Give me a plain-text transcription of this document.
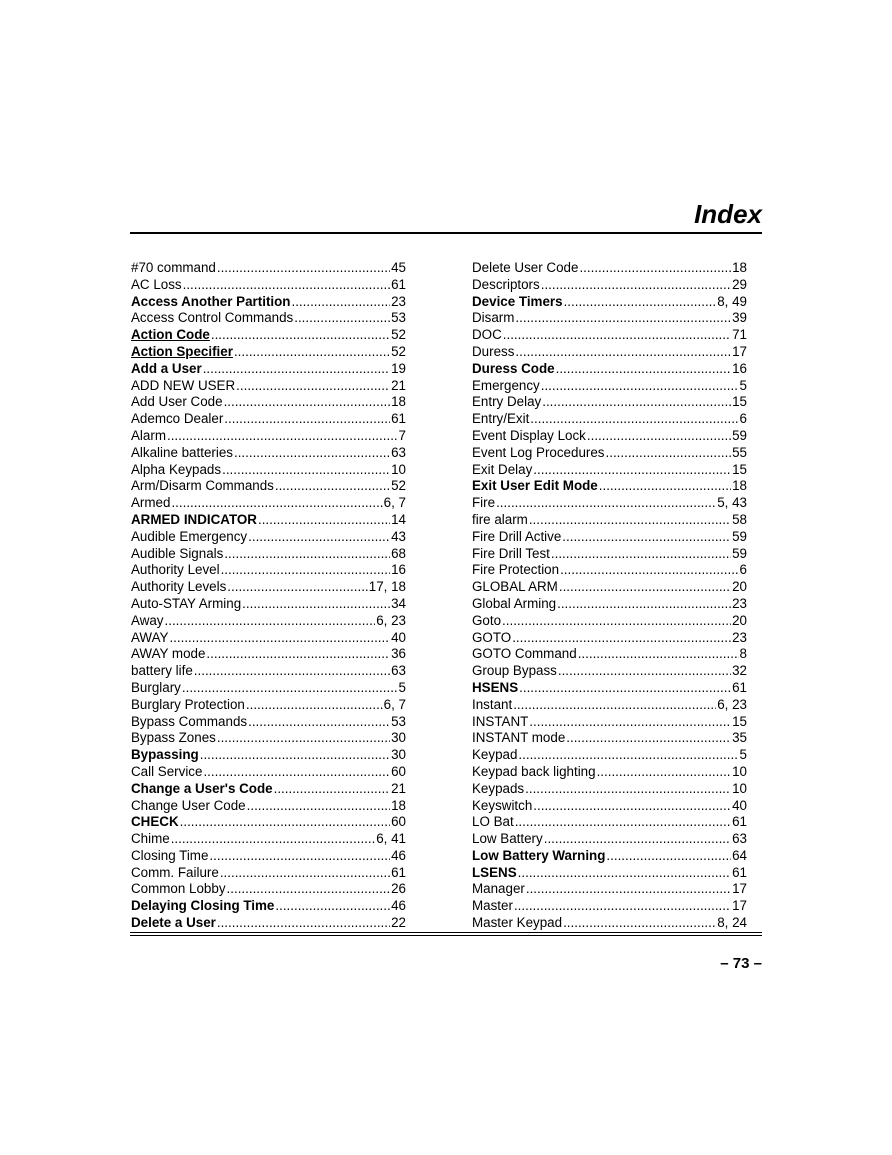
Index
#70 command .....	45
AC Loss .....	61
Access Another Partition .....	23
Access Control Commands .....	53
Action Code .....	52
Action Specifier .....	52
Add a User .....	19
ADD NEW USER .....	21
Add User Code .....	18
Ademco Dealer .....	61
Alarm .....	7
Alkaline batteries .....	63
Alpha Keypads .....	10
Arm/Disarm Commands .....	52
Armed .....	6, 7
ARMED INDICATOR .....	14
Audible Emergency .....	43
Audible Signals .....	68
Authority Level .....	16
Authority Levels .....	17, 18
Auto-STAY Arming .....	34
Away .....	6, 23
AWAY .....	40
AWAY mode .....	36
battery life .....	63
Burglary .....	5
Burglary Protection .....	6, 7
Bypass Commands .....	53
Bypass Zones .....	30
Bypassing .....	30
Call Service .....	60
Change a User's Code .....	21
Change User Code .....	18
CHECK .....	60
Chime .....	6, 41
Closing Time .....	46
Comm. Failure .....	61
Common Lobby .....	26
Delaying Closing Time .....	46
Delete a User .....	22
Delete User Code .....	18
Descriptors .....	29
Device Timers .....	8, 49
Disarm .....	39
DOC .....	71
Duress .....	17
Duress Code .....	16
Emergency .....	5
Entry Delay .....	15
Entry/Exit .....	6
Event Display Lock .....	59
Event Log Procedures .....	55
Exit Delay .....	15
Exit User Edit Mode .....	18
Fire .....	5, 43
fire alarm .....	58
Fire Drill Active .....	59
Fire Drill Test .....	59
Fire Protection .....	6
GLOBAL ARM .....	20
Global Arming .....	23
Goto .....	20
GOTO .....	23
GOTO Command .....	8
Group Bypass .....	32
HSENS .....	61
Instant .....	6, 23
INSTANT .....	15
INSTANT mode .....	35
Keypad .....	5
Keypad back lighting .....	10
Keypads .....	10
Keyswitch .....	40
LO Bat .....	61
Low Battery .....	63
Low Battery Warning .....	64
LSENS .....	61
Manager .....	17
Master .....	17
Master Keypad .....	8, 24
– 73 –
